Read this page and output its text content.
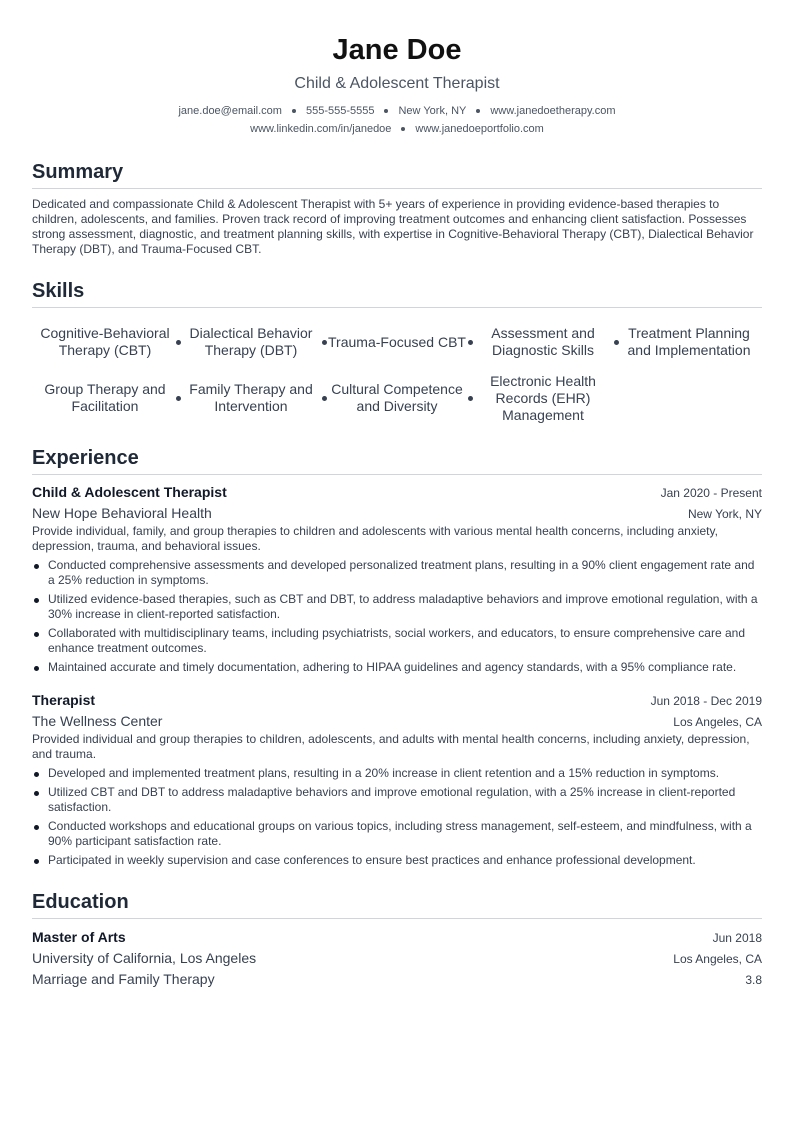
Jane Doe
Child & Adolescent Therapist
jane.doe@email.com 555-555-5555 New York, NY www.janedoetherapy.com
www.linkedin.com/in/janedoe www.janedoeportfolio.com
Summary

Dedicated and compassionate Child & Adolescent Therapist with 5+ years of experience in providing evidence-based therapies to children, adolescents, and families. Proven track record of improving treatment outcomes and enhancing client satisfaction. Possesses strong assessment, diagnostic, and treatment planning skills, with expertise in Cognitive-Behavioral Therapy (CBT), Dialectical Behavior Therapy (DBT), and Trauma-Focused CBT.

Skills
Cognitive-Behavioral Therapy (CBT)
Dialectical Behavior Therapy (DBT)
Trauma-Focused CBT
Assessment and Diagnostic Skills
Treatment Planning and Implementation
Group Therapy and Facilitation
Family Therapy and Intervention
Cultural Competence and Diversity
Electronic Health Records (EHR) Management
Experience
Child & Adolescent Therapist	Jan 2020 - Present
New Hope Behavioral Health	New York, NY

Provide individual, family, and group therapies to children and adolescents with various mental health concerns, including anxiety, depression, trauma, and behavioral issues.

Conducted comprehensive assessments and developed personalized treatment plans, resulting in a 90% client engagement rate and a 25% reduction in symptoms.
Utilized evidence-based therapies, such as CBT and DBT, to address maladaptive behaviors and improve emotional regulation, with a 30% increase in client-reported satisfaction.
Collaborated with multidisciplinary teams, including psychiatrists, social workers, and educators, to ensure comprehensive care and enhance treatment outcomes.
Maintained accurate and timely documentation, adhering to HIPAA guidelines and agency standards, with a 95% compliance rate.
Therapist	Jun 2018 - Dec 2019
The Wellness Center	Los Angeles, CA

Provided individual and group therapies to children, adolescents, and adults with mental health concerns, including anxiety, depression, and trauma.

Developed and implemented treatment plans, resulting in a 20% increase in client retention and a 15% reduction in symptoms.
Utilized CBT and DBT to address maladaptive behaviors and improve emotional regulation, with a 25% increase in client-reported satisfaction.
Conducted workshops and educational groups on various topics, including stress management, self-esteem, and mindfulness, with a 90% participant satisfaction rate.
Participated in weekly supervision and case conferences to ensure best practices and enhance professional development.
Education
Master of Arts	Jun 2018
University of California, Los Angeles	Los Angeles, CA
Marriage and Family Therapy	3.8
